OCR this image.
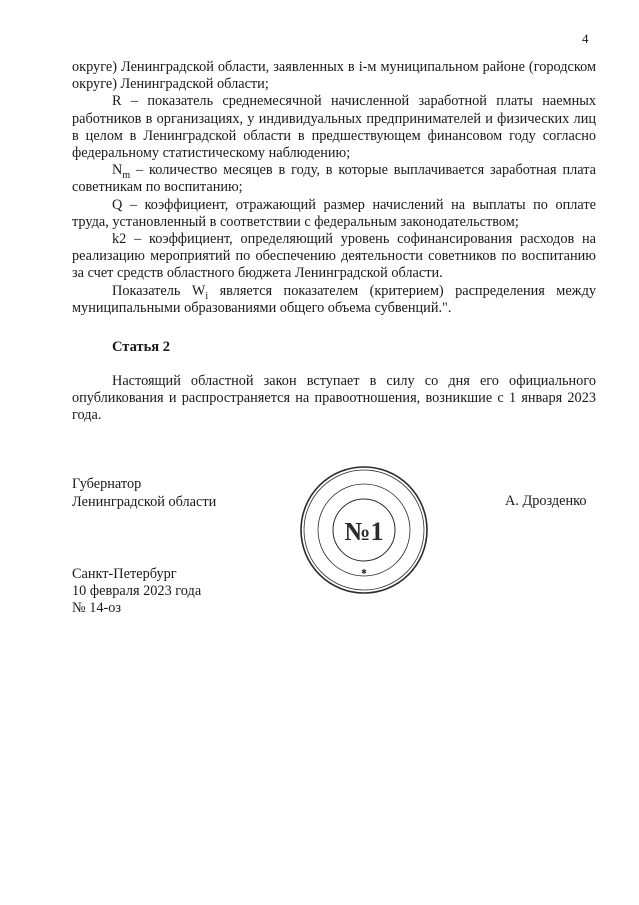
4

округе) Ленинградской области, заявленных в i-м муниципальном районе (городском округе) Ленинградской области;

R – показатель среднемесячной начисленной заработной платы наемных работников в организациях, у индивидуальных предпринимателей и физических лиц в целом в Ленинградской области в предшествующем финансовом году согласно федеральному статистическому наблюдению;

$N_m$ – количество месяцев в году, в которые выплачивается заработная плата советникам по воспитанию;

Q – коэффициент, отражающий размер начислений на выплаты по оплате труда, установленный в соответствии с федеральным законодательством;

k2 – коэффициент, определяющий уровень софинансирования расходов на реализацию мероприятий по обеспечению деятельности советников по воспитанию за счет средств областного бюджета Ленинградской области.

Показатель $W_i$ является показателем (критерием) распределения между муниципальными образованиями общего объема субвенций.".

Статья 2
Настоящий областной закон вступает в силу со дня его официального опубликования и распространяется на правоотношения, возникшие с 1 января 2023 года.
Губернатор
Ленинградской области	А. Дрозденко
Санкт-Петербург
10 февраля 2023 года
№ 14-оз
№1
✱
